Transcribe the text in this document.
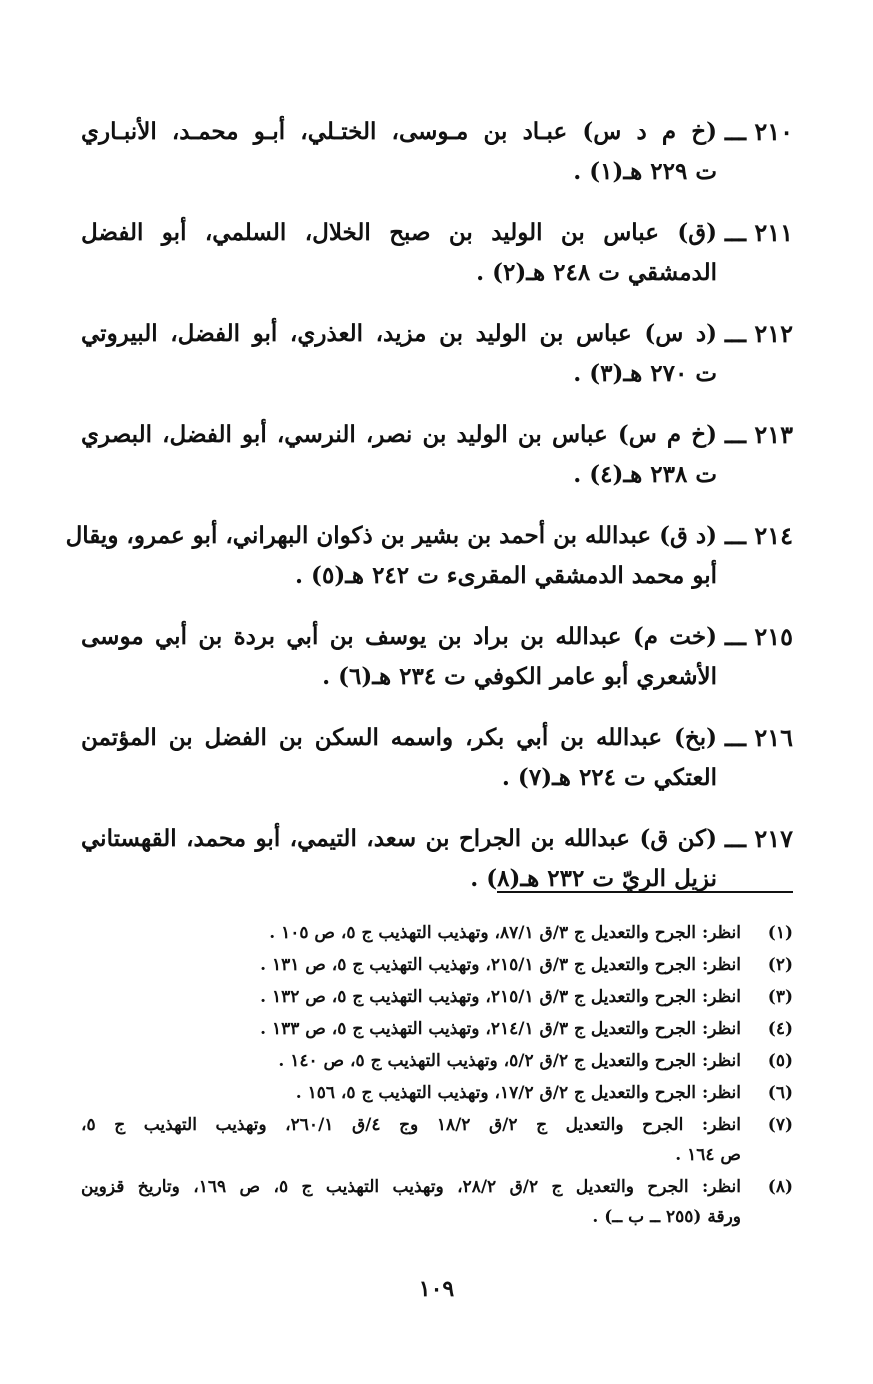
٢١٠ ـــ
(خ م د س) عبـاد بن مـوسى، الختـلي، أبـو محمـد، الأنبـاري
ت ٢٢٩ هـ(١) .
٢١١ ـــ
(ق) عباس بن الوليد بن صبح الخلال، السلمي، أبو الفضل
الدمشقي ت ٢٤٨ هـ(٢) .
٢١٢ ـــ
(د س) عباس بن الوليد بن مزيد، العذري، أبو الفضل، البيروتي
ت ٢٧٠ هـ(٣) .
٢١٣ ـــ
(خ م س) عباس بن الوليد بن نصر، النرسي، أبو الفضل، البصري
ت ٢٣٨ هـ(٤) .
٢١٤ ـــ
(د ق) عبدالله بن أحمد بن بشير بن ذكوان البهراني، أبو عمرو، ويقال
أبو محمد الدمشقي المقرىء ت ٢٤٢ هـ(٥) .
٢١٥ ـــ
(خت م) عبدالله بن براد بن يوسف بن أبي بردة بن أبي موسى
الأشعري أبو عامر الكوفي ت ٢٣٤ هـ(٦) .
٢١٦ ـــ
(بخ) عبدالله بن أبي بكر، واسمه السكن بن الفضل بن المؤتمن
العتكي ت ٢٢٤ هـ(٧) .
٢١٧ ـــ
(كن ق) عبدالله بن الجراح بن سعد، التيمي، أبو محمد، القهستاني
نزيل الريّ ت ٢٣٢ هـ(٨) .
(١)
انظر: الجرح والتعديل ج ٣/ق ٨٧/١، وتهذيب التهذيب ج ٥، ص ١٠٥ .
(٢)
انظر: الجرح والتعديل ج ٣/ق ٢١٥/١، وتهذيب التهذيب ج ٥، ص ١٣١ .
(٣)
انظر: الجرح والتعديل ج ٣/ق ٢١٥/١، وتهذيب التهذيب ج ٥، ص ١٣٢ .
(٤)
انظر: الجرح والتعديل ج ٣/ق ٢١٤/١، وتهذيب التهذيب ج ٥، ص ١٣٣ .
(٥)
انظر: الجرح والتعديل ج ٢/ق ٥/٢، وتهذيب التهذيب ج ٥، ص ١٤٠ .
(٦)
انظر: الجرح والتعديل ج ٢/ق ١٧/٢، وتهذيب التهذيب ج ٥، ١٥٦ .
(٧)
انظر: الجرح والتعديل ج ٢/ق ١٨/٢ وج ٤/ق ٢٦٠/١، وتهذيب التهذيب ج ٥،
ص ١٦٤ .
(٨)
انظر: الجرح والتعديل ج ٢/ق ٢٨/٢، وتهذيب التهذيب ج ٥، ص ١٦٩، وتاريخ قزوين
ورقة (٢٥٥ ــ ب ــ) .
١٠٩
